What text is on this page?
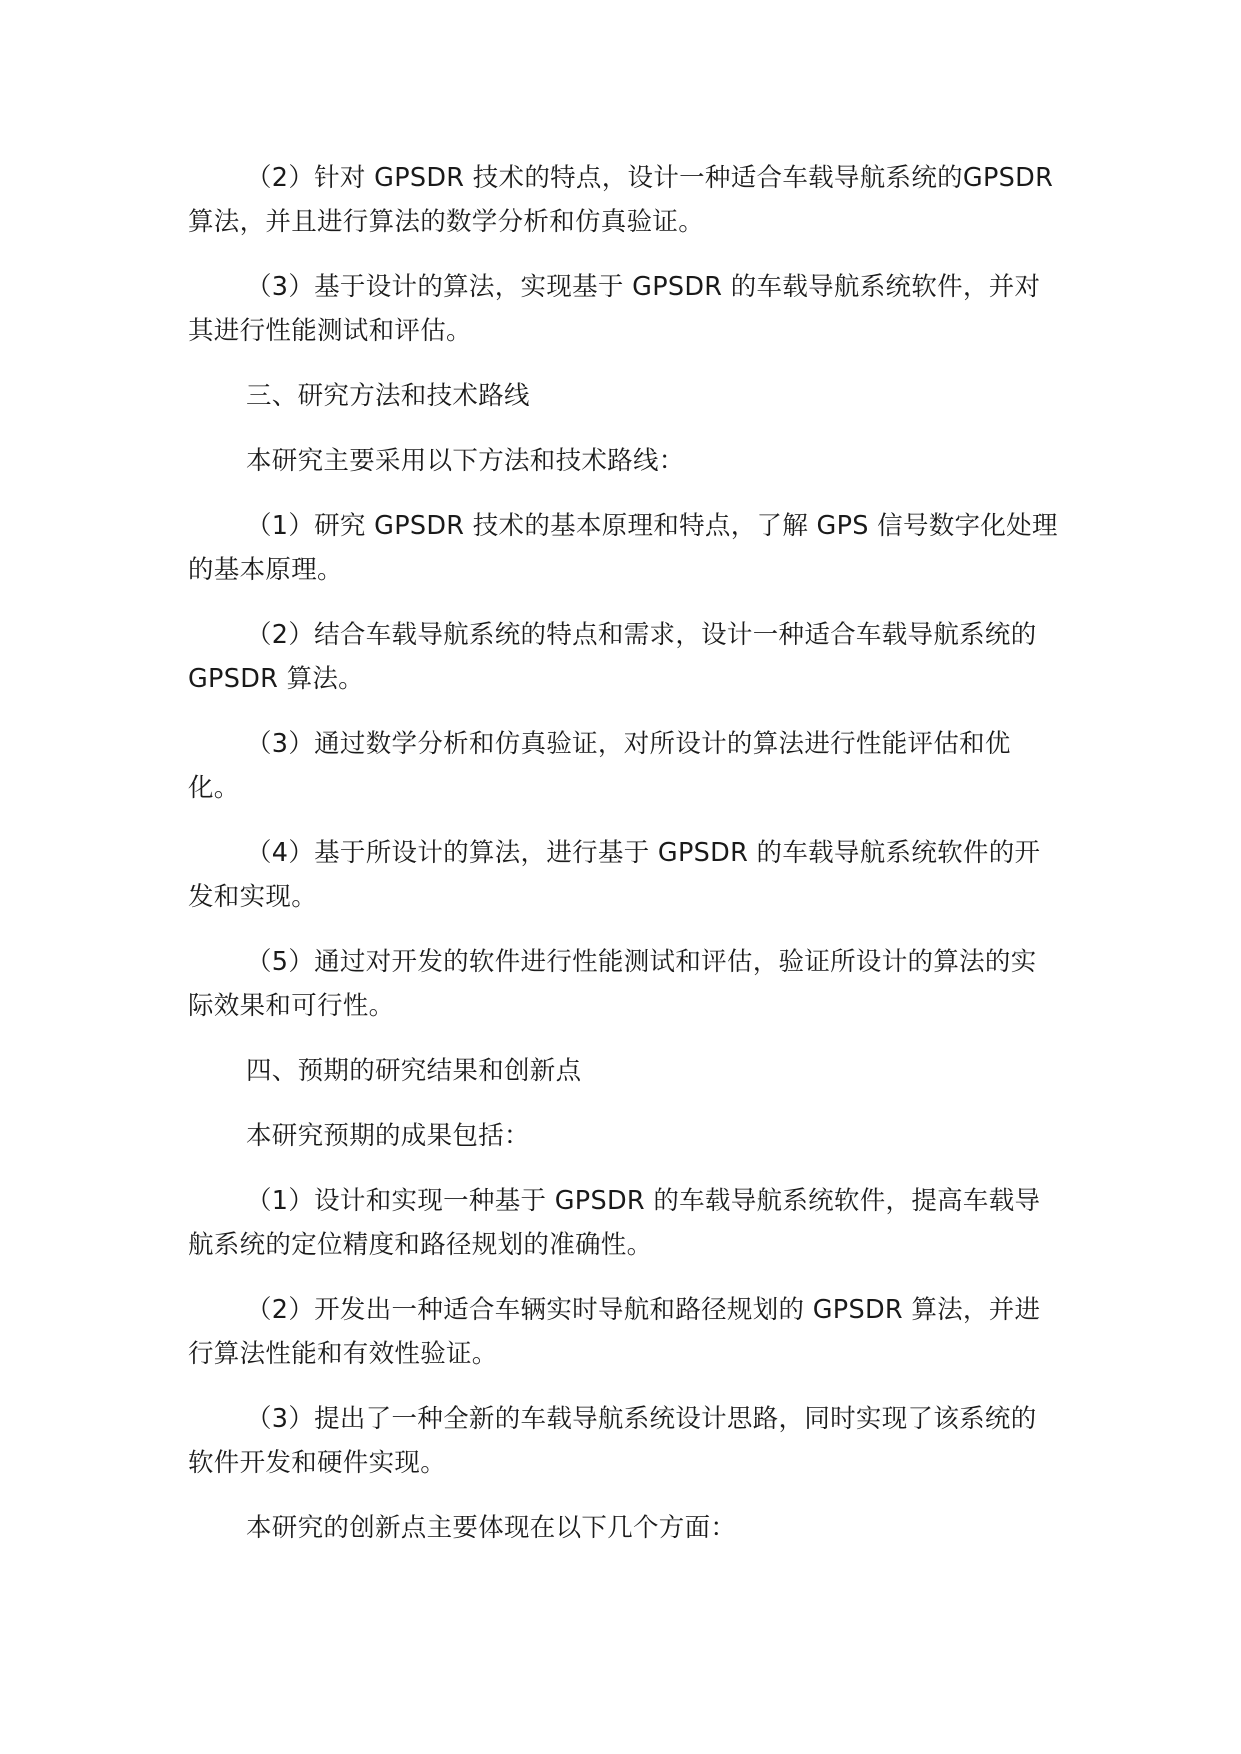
（2）针对 GPSDR 技术的特点，设计一种适合车载导航系统的GPSDR 算法，并且进行算法的数学分析和仿真验证。

（3）基于设计的算法，实现基于 GPSDR 的车载导航系统软件，并对其进行性能测试和评估。

三、研究方法和技术路线

本研究主要采用以下方法和技术路线：

（1）研究 GPSDR 技术的基本原理和特点，了解 GPS 信号数字化处理的基本原理。

（2）结合车载导航系统的特点和需求，设计一种适合车载导航系统的 GPSDR 算法。

（3）通过数学分析和仿真验证，对所设计的算法进行性能评估和优化。

（4）基于所设计的算法，进行基于 GPSDR 的车载导航系统软件的开发和实现。

（5）通过对开发的软件进行性能测试和评估，验证所设计的算法的实际效果和可行性。

四、预期的研究结果和创新点

本研究预期的成果包括：

（1）设计和实现一种基于 GPSDR 的车载导航系统软件，提高车载导航系统的定位精度和路径规划的准确性。

（2）开发出一种适合车辆实时导航和路径规划的 GPSDR 算法，并进行算法性能和有效性验证。

（3）提出了一种全新的车载导航系统设计思路，同时实现了该系统的软件开发和硬件实现。

本研究的创新点主要体现在以下几个方面：
